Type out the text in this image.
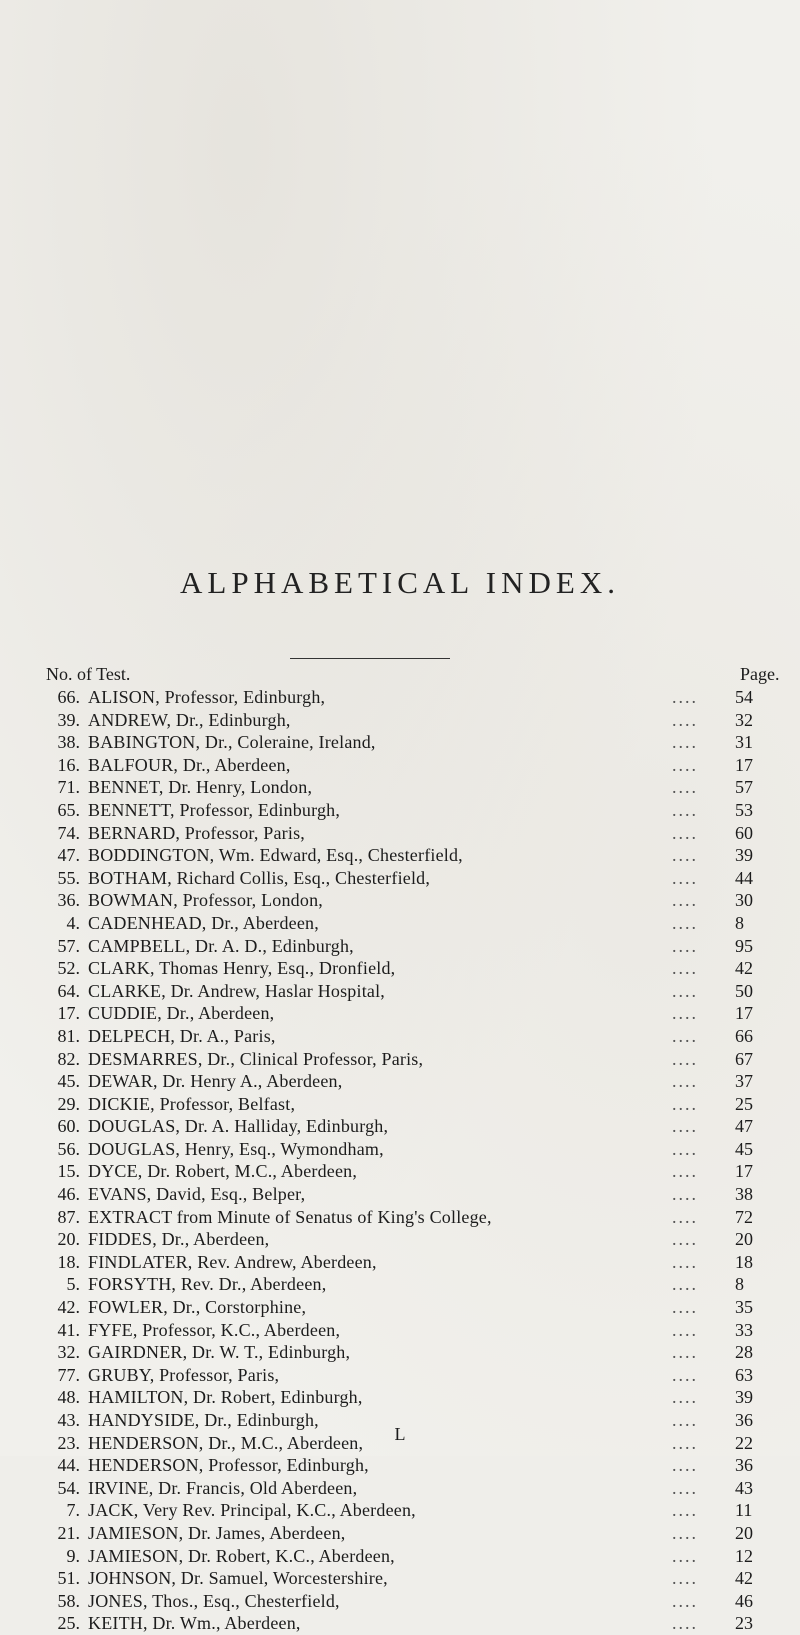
ALPHABETICAL INDEX.
No. of Test.	Page.
66. ALISON, Professor, Edinburgh,	.... 54
39. ANDREW, Dr., Edinburgh,	.... 32
38. BABINGTON, Dr., Coleraine, Ireland,	.... 31
16. BALFOUR, Dr., Aberdeen,	.... 17
71. BENNET, Dr. Henry, London,	.... 57
65. BENNETT, Professor, Edinburgh,	.... 53
74. BERNARD, Professor, Paris,	.... 60
47. BODDINGTON, Wm. Edward, Esq., Chesterfield,	.... 39
55. BOTHAM, Richard Collis, Esq., Chesterfield,	.... 44
36. BOWMAN, Professor, London,	.... 30
4. CADENHEAD, Dr., Aberdeen,	.... 8
57. CAMPBELL, Dr. A. D., Edinburgh,	.... 95
52. CLARK, Thomas Henry, Esq., Dronfield,	.... 42
64. CLARKE, Dr. Andrew, Haslar Hospital,	.... 50
17. CUDDIE, Dr., Aberdeen,	.... 17
81. DELPECH, Dr. A., Paris,	.... 66
82. DESMARRES, Dr., Clinical Professor, Paris,	.... 67
45. DEWAR, Dr. Henry A., Aberdeen,	.... 37
29. DICKIE, Professor, Belfast,	.... 25
60. DOUGLAS, Dr. A. Halliday, Edinburgh,	.... 47
56. DOUGLAS, Henry, Esq., Wymondham,	.... 45
15. DYCE, Dr. Robert, M.C., Aberdeen,	.... 17
46. EVANS, David, Esq., Belper,	.... 38
87. EXTRACT from Minute of Senatus of King's College,	.... 72
20. FIDDES, Dr., Aberdeen,	.... 20
18. FINDLATER, Rev. Andrew, Aberdeen,	.... 18
5. FORSYTH, Rev. Dr., Aberdeen,	.... 8
42. FOWLER, Dr., Corstorphine,	.... 35
41. FYFE, Professor, K.C., Aberdeen,	.... 33
32. GAIRDNER, Dr. W. T., Edinburgh,	.... 28
77. GRUBY, Professor, Paris,	.... 63
48. HAMILTON, Dr. Robert, Edinburgh,	.... 39
43. HANDYSIDE, Dr., Edinburgh,	.... 36
23. HENDERSON, Dr., M.C., Aberdeen,	.... 22
44. HENDERSON, Professor, Edinburgh,	.... 36
54. IRVINE, Dr. Francis, Old Aberdeen,	.... 43
7. JACK, Very Rev. Principal, K.C., Aberdeen,	.... 11
21. JAMIESON, Dr. James, Aberdeen,	.... 20
9. JAMIESON, Dr. Robert, K.C., Aberdeen,	.... 12
51. JOHNSON, Dr. Samuel, Worcestershire,	.... 42
58. JONES, Thos., Esq., Chesterfield,	.... 46
25. KEITH, Dr. Wm., Aberdeen,	.... 23
L
